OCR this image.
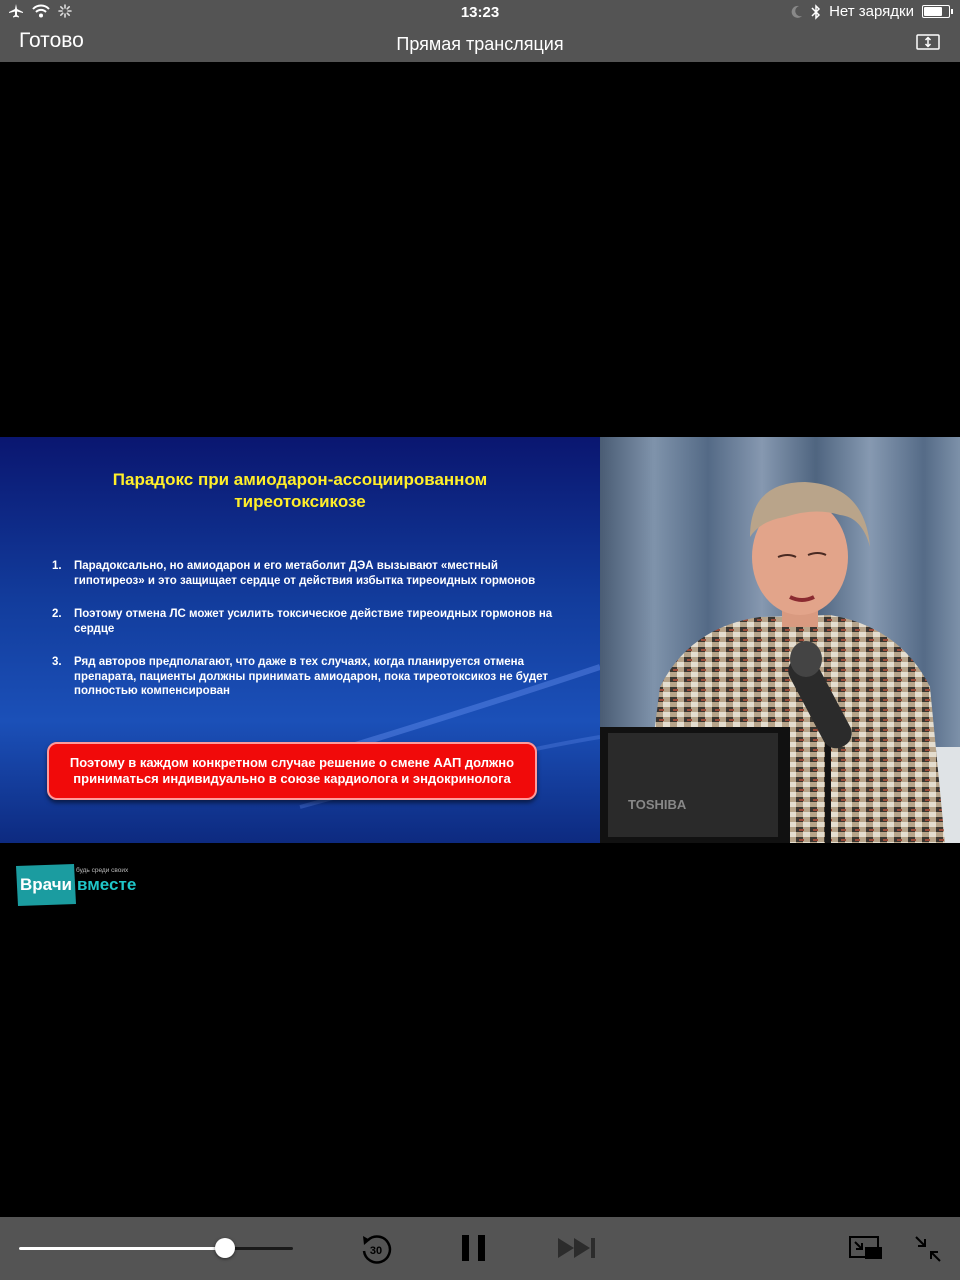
13:23	Нет зарядки
Готово	Прямая трансляция
Парадокс при амиодарон-ассоциированном
тиреотоксикозе
1. Парадоксально, но амиодарон и его метаболит ДЭА вызывают «местный гипотиреоз» и это защищает сердце от действия избытка тиреоидных гормонов
2. Поэтому отмена ЛС может усилить токсическое действие тиреоидных гормонов на сердце
3. Ряд авторов предполагают, что даже в тех случаях, когда планируется отмена препарата, пациенты должны принимать амиодарон, пока тиреотоксикоз не будет полностью компенсирован
Поэтому в каждом конкретном случае решение о смене ААП должно приниматься индивидуально в союзе кардиолога и эндокринолога
TOSHIBA
Врачи вместе
будь среди своих
30
